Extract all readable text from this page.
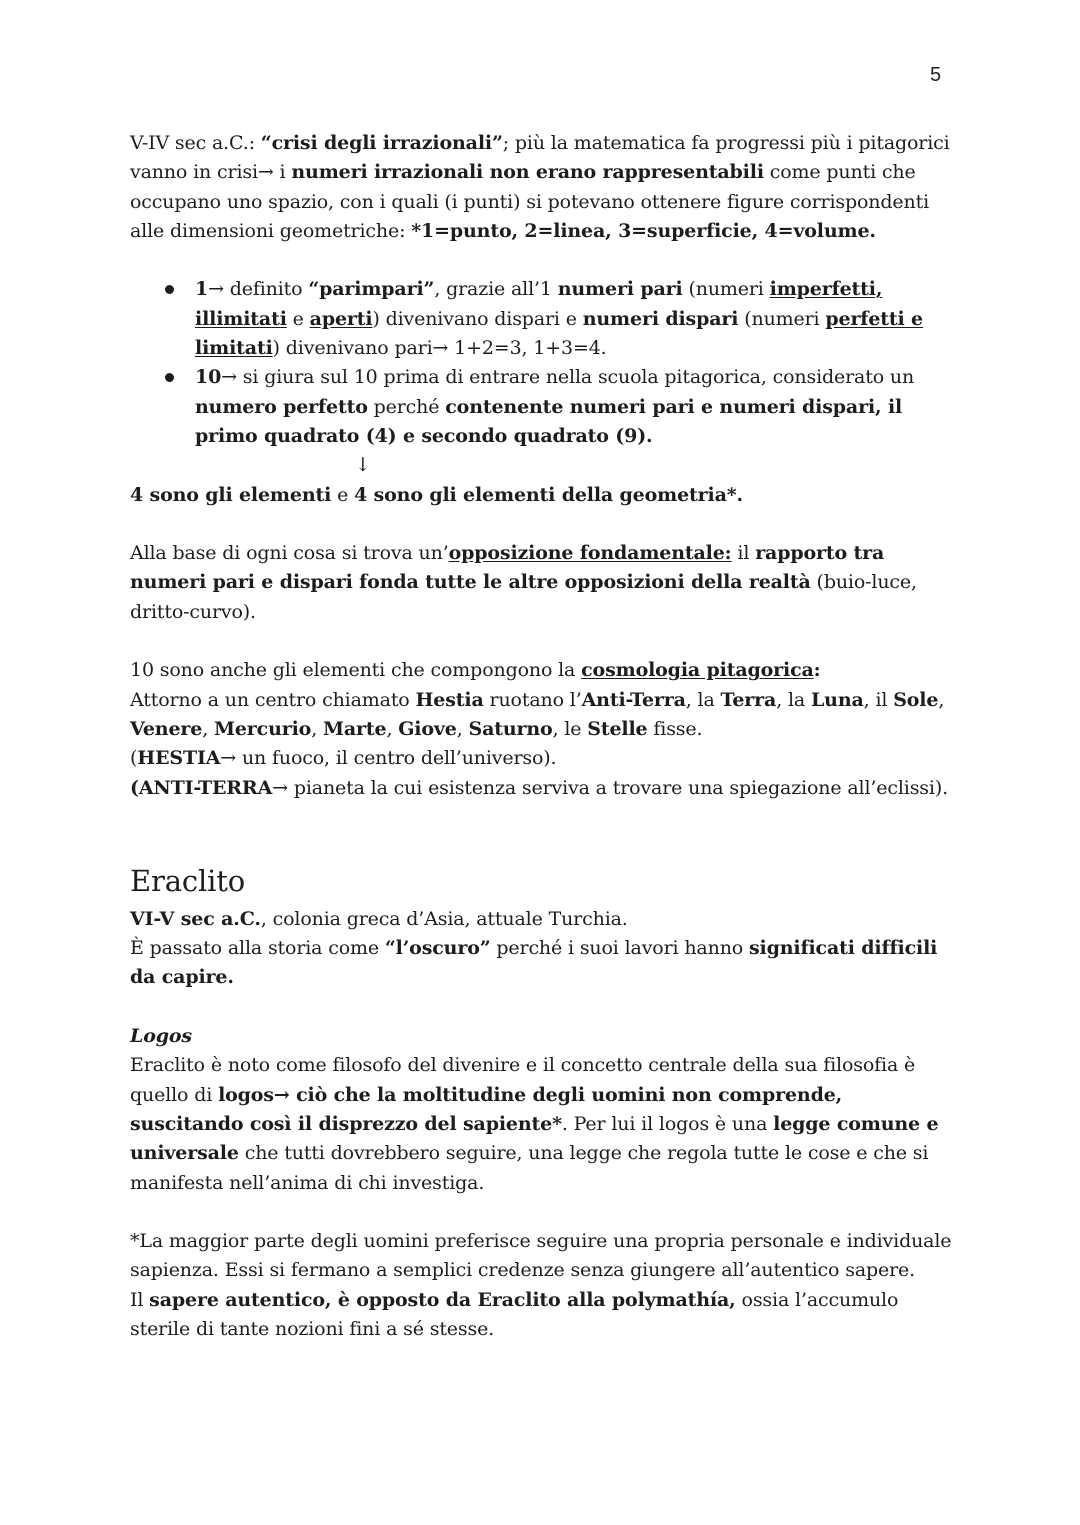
5

V-IV sec a.C.: “crisi degli irrazionali”; più la matematica fa progressi più i pitagorici vanno in crisi→ i numeri irrazionali non erano rappresentabili come punti che occupano uno spazio, con i quali (i punti) si potevano ottenere figure corrispondenti alle dimensioni geometriche: *1=punto, 2=linea, 3=superficie, 4=volume.

1→ definito “parimpari”, grazie all’1 numeri pari (numeri imperfetti, illimitati e aperti) divenivano dispari e numeri dispari (numeri perfetti e limitati) divenivano pari→ 1+2=3, 1+3=4.
10→ si giura sul 10 prima di entrare nella scuola pitagorica, considerato un numero perfetto perché contenente numeri pari e numeri dispari, il primo quadrato (4) e secondo quadrato (9).

↓

4 sono gli elementi e 4 sono gli elementi della geometria*.

Alla base di ogni cosa si trova un’opposizione fondamentale: il rapporto tra numeri pari e dispari fonda tutte le altre opposizioni della realtà (buio-luce, dritto-curvo).

10 sono anche gli elementi che compongono la cosmologia pitagorica:

Attorno a un centro chiamato Hestia ruotano l’Anti-Terra, la Terra, la Luna, il Sole, Venere, Mercurio, Marte, Giove, Saturno, le Stelle fisse.

(HESTIA→ un fuoco, il centro dell’universo).

(ANTI-TERRA→ pianeta la cui esistenza serviva a trovare una spiegazione all’eclissi).

Eraclito

VI-V sec a.C., colonia greca d’Asia, attuale Turchia.

È passato alla storia come “l’oscuro” perché i suoi lavori hanno significati difficili da capire.

Logos

Eraclito è noto come filosofo del divenire e il concetto centrale della sua filosofia è quello di logos→ ciò che la moltitudine degli uomini non comprende, suscitando così il disprezzo del sapiente*. Per lui il logos è una legge comune e universale che tutti dovrebbero seguire, una legge che regola tutte le cose e che si manifesta nell’anima di chi investiga.

*La maggior parte degli uomini preferisce seguire una propria personale e individuale sapienza. Essi si fermano a semplici credenze senza giungere all’autentico sapere.

Il sapere autentico, è opposto da Eraclito alla polymathía, ossia l’accumulo sterile di tante nozioni fini a sé stesse.
